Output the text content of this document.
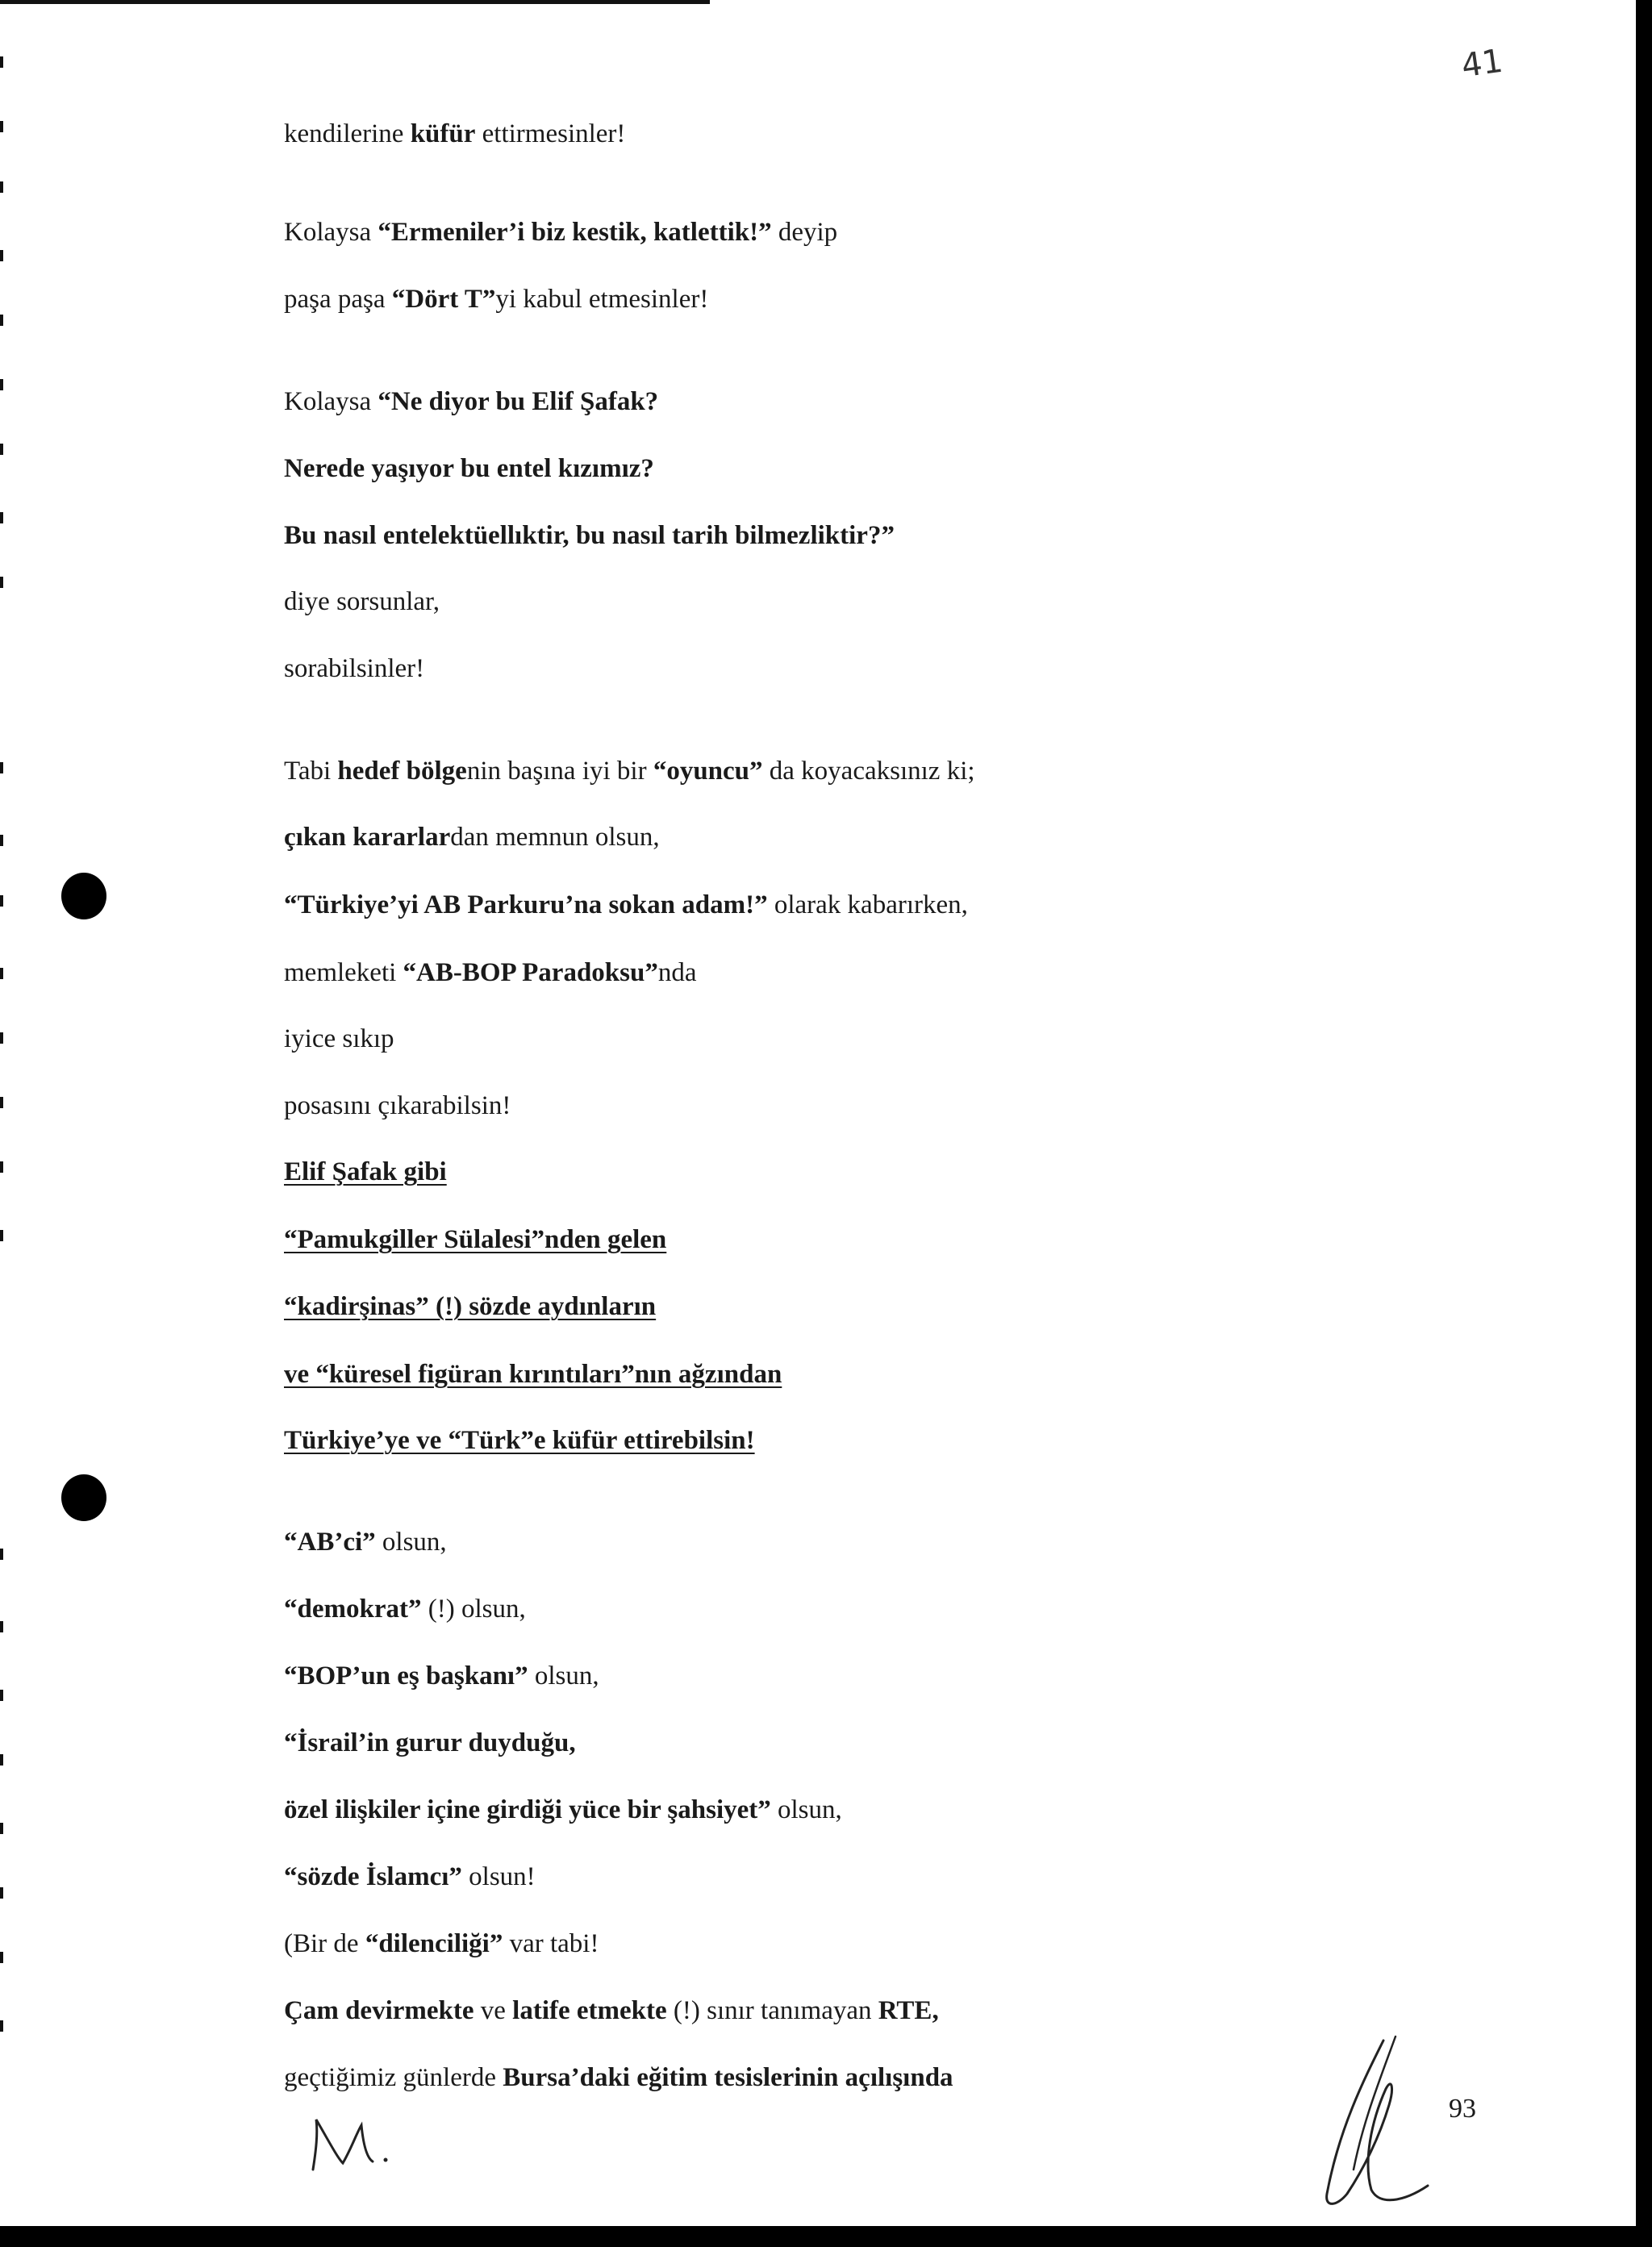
41
kendilerine küfür ettirmesinler!
Kolaysa “Ermeniler’i biz kestik, katlettik!” deyip
paşa paşa “Dört T”yi kabul etmesinler!
Kolaysa “Ne diyor bu Elif Şafak?
Nerede yaşıyor bu entel kızımız?
Bu nasıl entelektüellıktir, bu nasıl tarih bilmezliktir?”
diye sorsunlar,
sorabilsinler!
Tabi hedef bölgenin başına iyi bir “oyuncu” da koyacaksınız ki;
çıkan kararlardan memnun olsun,
“Türkiye’yi AB Parkuru’na sokan adam!” olarak kabarırken,
memleketi “AB-BOP Paradoksu”nda
iyice sıkıp
posasını çıkarabilsin!
Elif Şafak gibi
“Pamukgiller Sülalesi”nden gelen
“kadirşinas” (!) sözde aydınların
ve “küresel figüran kırıntıları”nın ağzından
Türkiye’ye ve “Türk”e küfür ettirebilsin!
“AB’ci” olsun,
“demokrat” (!) olsun,
“BOP’un eş başkanı” olsun,
“İsrail’in gurur duyduğu,
özel ilişkiler içine girdiği yüce bir şahsiyet” olsun,
“sözde İslamcı” olsun!
(Bir de “dilenciliği” var tabi!
Çam devirmekte ve latife etmekte (!) sınır tanımayan RTE,
geçtiğimiz günlerde Bursa’daki eğitim tesislerinin açılışında
93
